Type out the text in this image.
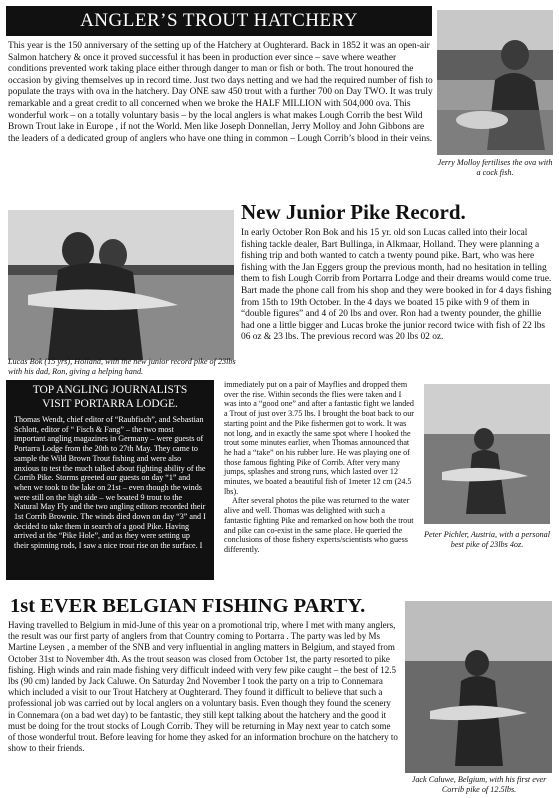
ANGLER’S TROUT HATCHERY

This year is the 150 anniversary of the setting up of the Hatchery at Oughterard. Back in 1852 it was an open-air Salmon hatchery & once it proved successful it has been in production ever since – save where weather conditions prevented work taking place either through danger to man or fish or both. The trout honoured the occasion by giving themselves up in record time. Just two days netting and we had the required number of fish to populate the trays with ova in the hatchery. Day ONE saw 450 trout with a further 700 on Day TWO. It was truly remarkable and a great credit to all concerned when we broke the HALF MILLION with 504,000 ova. This wonderful work – on a totally voluntary basis – by the local anglers is what makes Lough Corrib the best Wild Brown Trout lake in Europe , if not the World. Men like Joseph Donnellan, Jerry Molloy and John Gibbons are the leaders of a dedicated group of anglers who have one thing in common – Lough Corrib’s blood in their veins.

Jerry Molloy fertilises the ova with a cock fish.

Lucas Bok (15 yrs), Holland, with the new junior record pike of 23lbs with his dad, Ron, giving a helping hand.

New Junior Pike Record.

In early October Ron Bok and his 15 yr. old son Lucas called into their local fishing tackle dealer, Bart Bullinga, in Alkmaar, Holland. They were planning a fishing trip and both wanted to catch a twenty pound pike. Bart, who was here fishing with the Jan Eggers group the previous month, had no hesitation in telling them to fish Lough Corrib from Portarra Lodge and their dreams would come true. Bart made the phone call from his shop and they were booked in for 4 days fishing from 15th to 19th October. In the 4 days we boated 15 pike with 9 of them in “double figures” and 4 of 20 lbs and over. Ron had a twenty pounder, the ghillie had one a little bigger and Lucas broke the junior record twice with fish of 22 lbs 06 oz & 23 lbs. The previous record was 20 lbs 02 oz.

TOP ANGLING JOURNALISTS
VISIT PORTARRA LODGE.

Thomas Wendt, chief editor of “Raubfisch”, and Sebastian Schlott, editor of “ Fisch & Fang” – the two most important angling magazines in Germany – were guests of Portarra Lodge from the 20th to 27th May. They came to sample the Wild Brown Trout fishing and were also anxious to test the much talked about fighting ability of the Corrib Pike. Storms greeted our guests on day “1” and when we took to the lake on 21st – even though the winds were still on the high side – we boated 9 trout to the Natural May Fly and the two angling editors recorded their 1st Corrib Brownie. The winds died down on day “3” and I decided to take them in search of a good Pike. Having arrived at the “Pike Hole”, and as they were setting up their spinning rods, I saw a nice trout rise on the surface. I

immediately put on a pair of Mayflies and dropped them over the rise. Within seconds the flies were taken and I was into a “good one” and after a fantastic fight we landed a Trout of just over 3.75 lbs. I brought the boat back to our starting point and the Pike fishermen got to work. It was not long, and in exactly the same spot where I hooked the trout some minutes earlier, when Thomas announced that he had a “take” on his rubber lure. He was playing one of those famous fighting Pike of Corrib. After very many jumps, splashes and strong runs, which lasted over 12 minutes, we boated a beautiful fish of 1meter 12 cm (24.5 lbs).

After several photos the pike was returned to the water alive and well. Thomas was delighted with such a fantastic fighting Pike and remarked on how both the trout and pike can co-exist in the same place. He queried the conclusions of those fishery experts/scientists who guess differently.

Peter Pichler, Austria, with a personal best pike of 23lbs 4oz.

1st EVER BELGIAN FISHING PARTY.

Having travelled to Belgium in mid-June of this year on a promotional trip, where I met with many anglers, the result was our first party of anglers from that Country coming to Portarra . The party was led by Ms Martine Leysen , a member of the SNB and very influential in angling matters in Belgium, and stayed from October 31st to November 4th. As the trout season was closed from October 1st, the party resorted to pike fishing. High winds and rain made fishing very difficult indeed with very few pike caught – the best of 12.5 lbs (90 cm) landed by Jack Caluwe. On Saturday 2nd November I took the party on a trip to Connemara which included a visit to our Trout Hatchery at Oughterard. They found it difficult to believe that such a professional job was carried out by local anglers on a voluntary basis. Even though they found the scenery in Connemara (on a bad wet day) to be fantastic, they still kept talking about the hatchery and the good it must be doing for the trout stocks of Lough Corrib. They will be returning in May next year to catch some of those wonderful trout. Before leaving for home they asked for an information brochure on the hatchery to show to their friends.

Jack Caluwe, Belgium, with his first ever Corrib pike of 12.5lbs.
